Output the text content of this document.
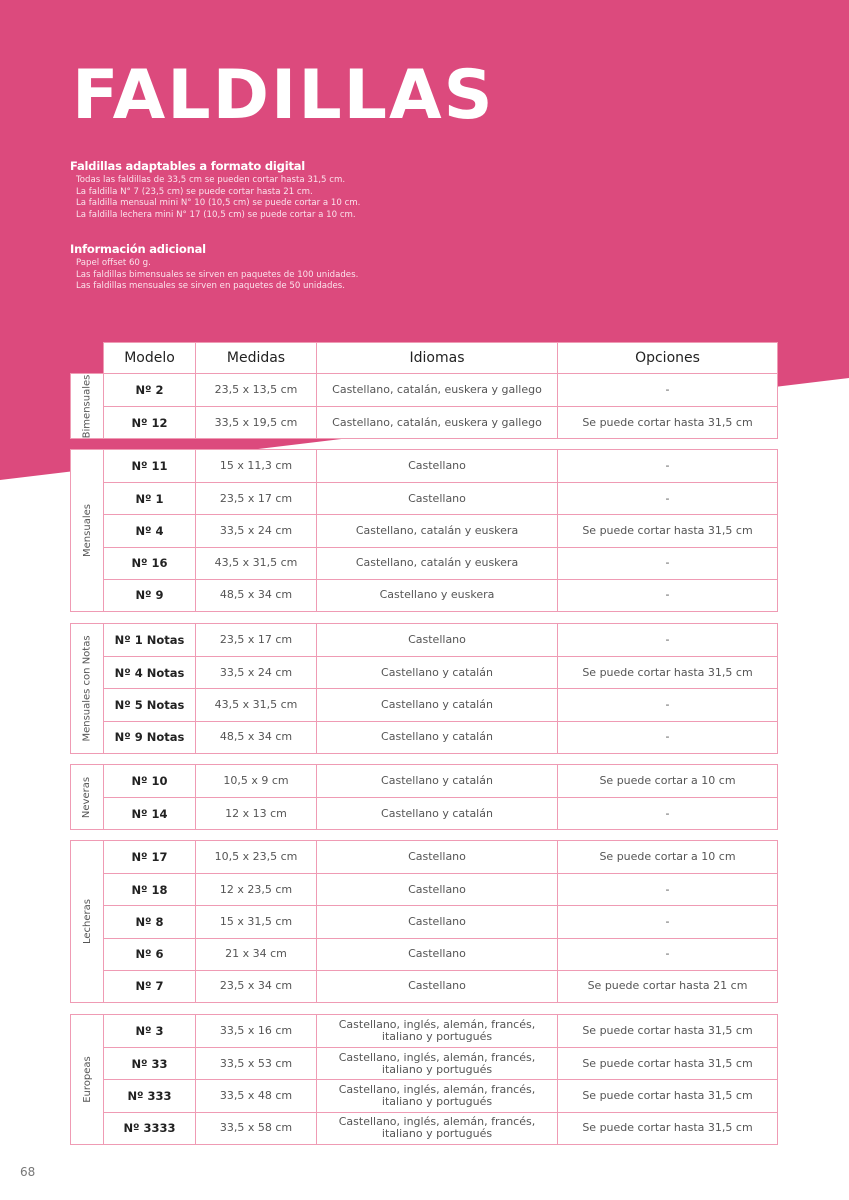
FALDILLAS
Faldillas adaptables a formato digital

Todas las faldillas de 33,5 cm se pueden cortar hasta 31,5 cm.

La faldilla N° 7 (23,5 cm) se puede cortar hasta 21 cm.

La faldilla mensual mini N° 10 (10,5 cm) se puede cortar a 10 cm.

La faldilla lechera mini N° 17 (10,5 cm) se puede cortar a 10 cm.

Información adicional

Papel offset 60 g.

Las faldillas bimensuales se sirven en paquetes de 100 unidades.

Las faldillas mensuales se sirven en paquetes de 50 unidades.

Modelo	Medidas	Idiomas	Opciones
Bimensuales	Nº 2	23,5 x 13,5 cm	Castellano, catalán, euskera y gallego	-
Nº 12	33,5 x 19,5 cm	Castellano, catalán, euskera y gallego	Se puede cortar hasta 31,5 cm
Mensuales
Nº 11	15 x 11,3 cm	Castellano	-
Nº 1	23,5 x 17 cm	Castellano	-
Nº 4	33,5 x 24 cm	Castellano, catalán y euskera	Se puede cortar hasta 31,5 cm
Nº 16	43,5 x 31,5 cm	Castellano, catalán y euskera	-
Nº 9	48,5 x 34 cm	Castellano y euskera	-
Mensuales con Notas	Nº 1 Notas	23,5 x 17 cm	Castellano	-
Nº 4 Notas	33,5 x 24 cm	Castellano y catalán	Se puede cortar hasta 31,5 cm
Nº 5 Notas	43,5 x 31,5 cm	Castellano y catalán	-
Nº 9 Notas	48,5 x 34 cm	Castellano y catalán	-
Neveras	Nº 10	10,5 x 9 cm	Castellano y catalán	Se puede cortar a 10 cm
Nº 14	12 x 13 cm	Castellano y catalán	-
Lecheras
Nº 17	10,5 x 23,5 cm	Castellano	Se puede cortar a 10 cm
Nº 18	12 x 23,5 cm	Castellano	-
Nº 8	15 x 31,5 cm	Castellano	-
Nº 6	21 x 34 cm	Castellano	-
Nº 7	23,5 x 34 cm	Castellano	Se puede cortar hasta 21 cm
Europeas
Nº 3	33,5 x 16 cm	Castellano, inglés, alemán, francés, italiano y portugués	Se puede cortar hasta 31,5 cm
Nº 33	33,5 x 53 cm	Castellano, inglés, alemán, francés, italiano y portugués	Se puede cortar hasta 31,5 cm
Nº 333	33,5 x 48 cm	Castellano, inglés, alemán, francés, italiano y portugués	Se puede cortar hasta 31,5 cm
Nº 3333	33,5 x 58 cm	Castellano, inglés, alemán, francés, italiano y portugués	Se puede cortar hasta 31,5 cm
68
